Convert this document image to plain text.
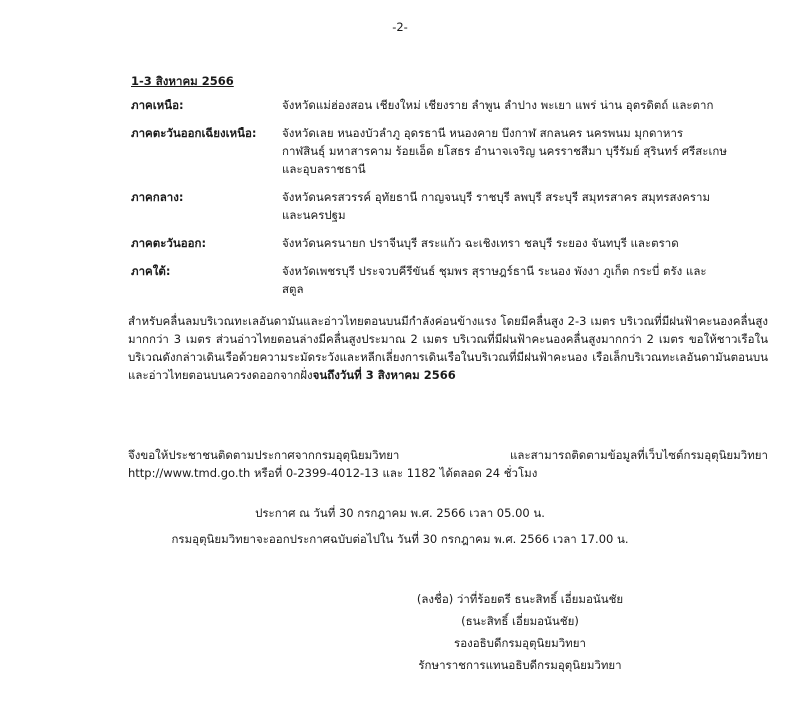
-2-
1-3 สิงหาคม 2566
ภาคเหนือ:	จังหวัดแม่ฮ่องสอน เชียงใหม่ เชียงราย ลำพูน ลำปาง พะเยา แพร่ น่าน อุตรดิตถ์ และตาก
ภาคตะวันออกเฉียงเหนือ:	จังหวัดเลย หนองบัวลำภู อุดรธานี หนองคาย บึงกาฬ สกลนคร นครพนม มุกดาหาร กาฬสินธุ์ มหาสารคาม ร้อยเอ็ด ยโสธร อำนาจเจริญ นครราชสีมา บุรีรัมย์ สุรินทร์ ศรีสะเกษ และอุบลราชธานี
ภาคกลาง:	จังหวัดนครสวรรค์ อุทัยธานี กาญจนบุรี ราชบุรี ลพบุรี สระบุรี สมุทรสาคร สมุทรสงคราม และนครปฐม
ภาคตะวันออก:	จังหวัดนครนายก ปราจีนบุรี สระแก้ว ฉะเชิงเทรา ชลบุรี ระยอง จันทบุรี และตราด
ภาคใต้:	จังหวัดเพชรบุรี ประจวบคีรีขันธ์ ชุมพร สุราษฎร์ธานี ระนอง พังงา ภูเก็ต กระบี่ ตรัง และสตูล
สำหรับคลื่นลมบริเวณทะเลอันดามันและอ่าวไทยตอนบนมีกำลังค่อนข้างแรง โดยมีคลื่นสูง 2-3 เมตร บริเวณที่มีฝนฟ้าคะนองคลื่นสูงมากกว่า 3 เมตร ส่วนอ่าวไทยตอนล่างมีคลื่นสูงประมาณ 2 เมตร บริเวณที่มีฝนฟ้าคะนองคลื่นสูงมากกว่า 2 เมตร ขอให้ชาวเรือในบริเวณดังกล่าวเดินเรือด้วยความระมัดระวังและหลีกเลี่ยงการเดินเรือในบริเวณที่มีฝนฟ้าคะนอง เรือเล็กบริเวณทะเลอันดามันตอนบนและอ่าวไทยตอนบนควรงดออกจากฝั่งจนถึงวันที่ 3 สิงหาคม 2566
จึงขอให้ประชาชนติดตามประกาศจากกรมอุตุนิยมวิทยา และสามารถติดตามข้อมูลที่เว็บไซต์กรมอุตุนิยมวิทยา http://www.tmd.go.th หรือที่ 0-2399-4012-13 และ 1182 ได้ตลอด 24 ชั่วโมง
ประกาศ ณ วันที่ 30 กรกฎาคม พ.ศ. 2566 เวลา 05.00 น.
กรมอุตุนิยมวิทยาจะออกประกาศฉบับต่อไปใน วันที่ 30 กรกฎาคม พ.ศ. 2566 เวลา 17.00 น.
(ลงชื่อ) ว่าที่ร้อยตรี ธนะสิทธิ์ เอี่ยมอนันชัย
(ธนะสิทธิ์ เอี่ยมอนันชัย)
รองอธิบดีกรมอุตุนิยมวิทยา
รักษาราชการแทนอธิบดีกรมอุตุนิยมวิทยา
